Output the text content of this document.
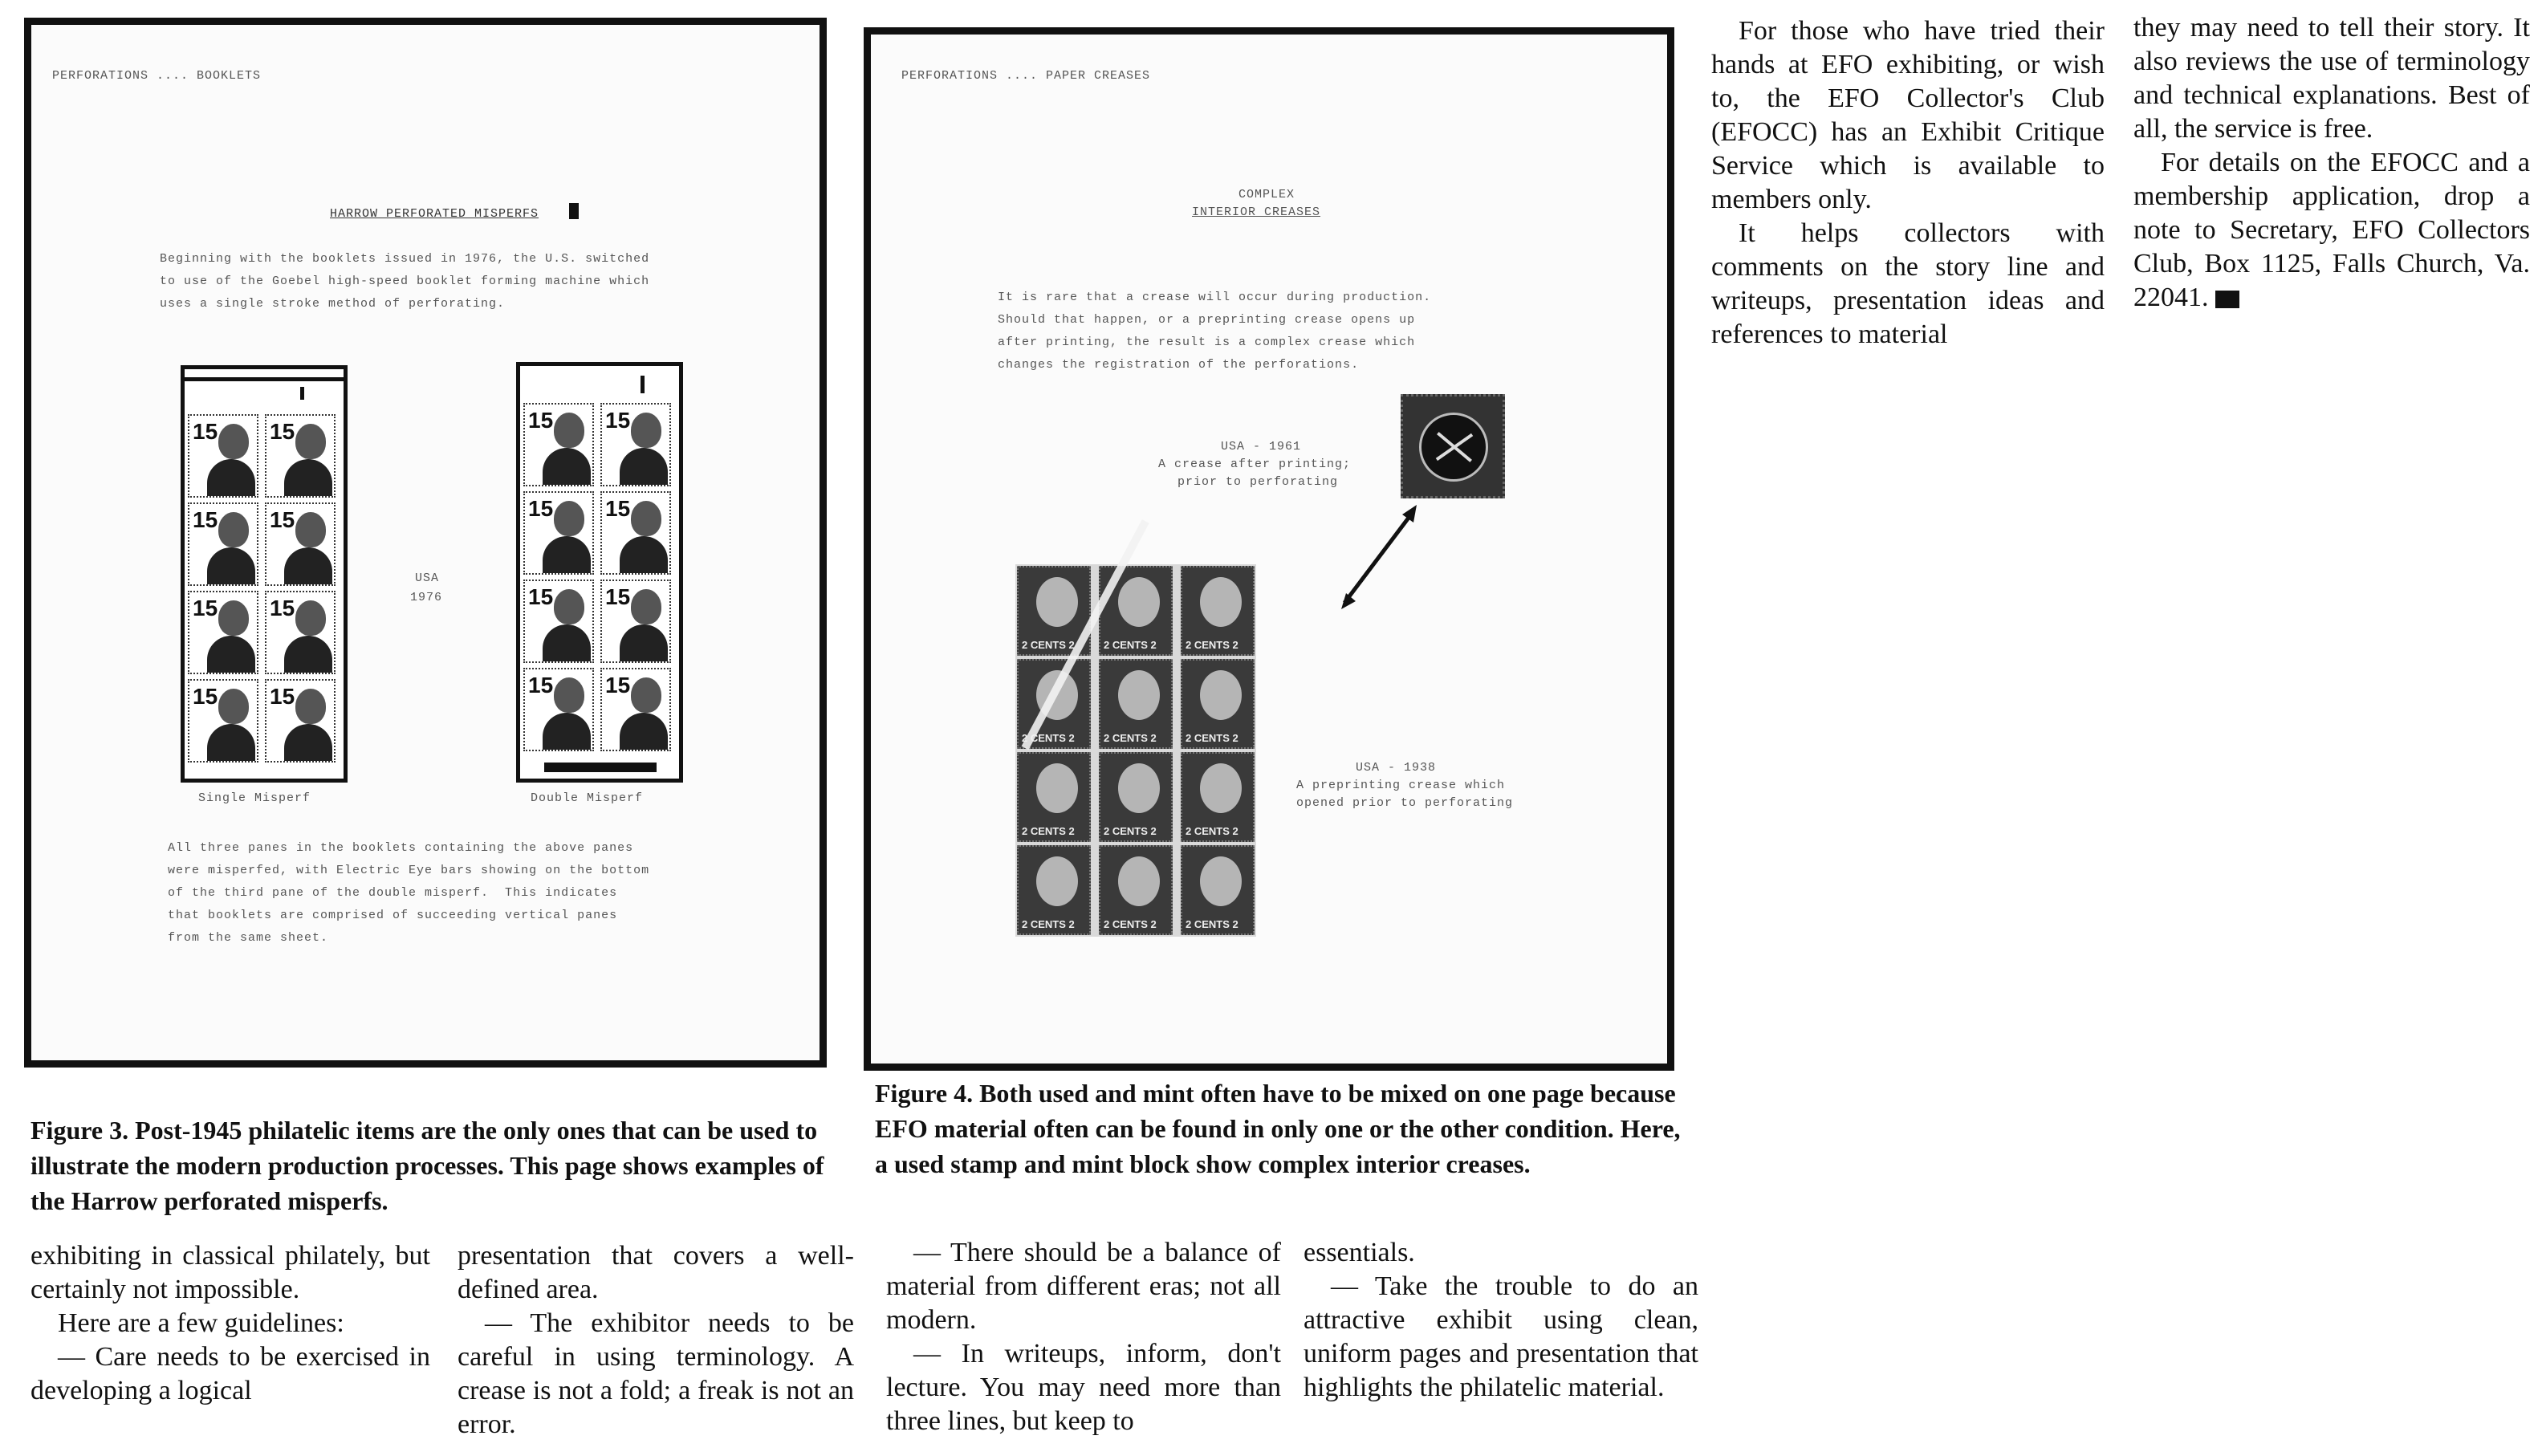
PERFORATIONS .... BOOKLETS
HARROW PERFORATED MISPERFS
Beginning with the booklets issued in 1976, the U.S. switched
to use of the Goebel high-speed booklet forming machine which
uses a single stroke method of perforating.
15 15
15 15
15 15
15 15
Single Misperf
USA
1976
15 15
15 15
15 15
15 15
Double Misperf
All three panes in the booklets containing the above panes
were misperfed, with Electric Eye bars showing on the bottom
of the third pane of the double misperf.  This indicates
that booklets are comprised of succeeding vertical panes
from the same sheet.
Figure 3. Post-1945 philatelic items are the only ones that can be used to illustrate the modern production processes. This page shows examples of the Harrow perforated misperfs.
PERFORATIONS .... PAPER CREASES
COMPLEX
INTERIOR CREASES
It is rare that a crease will occur during production.
Should that happen, or a preprinting crease opens up
after printing, the result is a complex crease which
changes the registration of the perforations.
USA - 1961
A crease after printing;
prior to perforating
2 CENTS 2	2 CENTS 2	2 CENTS 2
2 CENTS 2	2 CENTS 2	2 CENTS 2
2 CENTS 2	2 CENTS 2	2 CENTS 2
2 CENTS 2	2 CENTS 2	2 CENTS 2
USA - 1938
A preprinting crease which
opened prior to perforating
Figure 4. Both used and mint often have to be mixed on one page because EFO material often can be found in only one or the other condition. Here, a used stamp and mint block show complex interior creases.

For those who have tried their hands at EFO exhibiting, or wish to, the EFO Collector's Club (EFOCC) has an Exhibit Critique Service which is available to members only.

It helps collectors with comments on the story line and writeups, presentation ideas and references to material

they may need to tell their story. It also reviews the use of terminology and technical explanations. Best of all, the service is free.

For details on the EFOCC and a membership application, drop a note to Secretary, EFO Collectors Club, Box 1125, Falls Church, Va. 22041.

exhibiting in classical philately, but certainly not impossible.

Here are a few guidelines:

— Care needs to be exercised in developing a logical

presentation that covers a well-defined area.

— The exhibitor needs to be careful in using terminology. A crease is not a fold; a freak is not an error.

— There should be a balance of material from different eras; not all modern.

— In writeups, inform, don't lecture. You may need more than three lines, but keep to

essentials.

— Take the trouble to do an attractive exhibit using clean, uniform pages and presentation that highlights the philatelic material.
